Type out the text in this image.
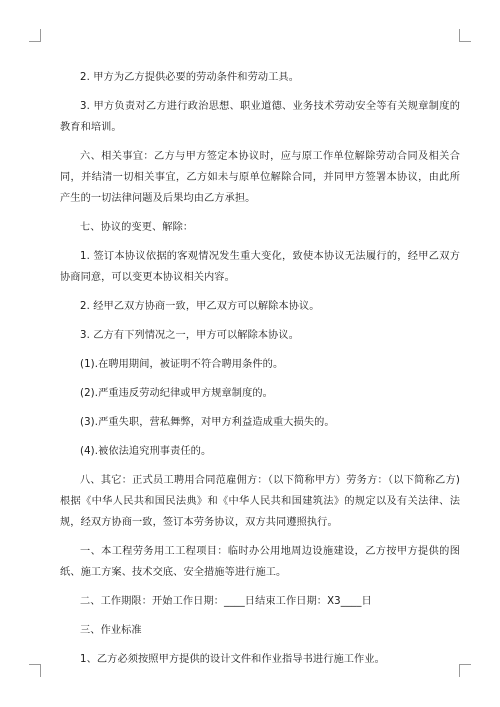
2. 甲方为乙方提供必要的劳动条件和劳动工具。

3. 甲方负责对乙方进行政治思想、职业道德、业务技术劳动安全等有关规章制度的教育和培训。

六、相关事宜：乙方与甲方签定本协议时，应与原工作单位解除劳动合同及相关合同，并结清一切相关事宜，乙方如未与原单位解除合同，并同甲方签署本协议，由此所产生的一切法律问题及后果均由乙方承担。

七、协议的变更、解除：

1. 签订本协议依据的客观情况发生重大变化，致使本协议无法履行的，经甲乙双方协商同意，可以变更本协议相关内容。

2. 经甲乙双方协商一致，甲乙双方可以解除本协议。

3. 乙方有下列情况之一，甲方可以解除本协议。

(1).在聘用期间，被证明不符合聘用条件的。

(2).严重违反劳动纪律或甲方规章制度的。

(3).严重失职，营私舞弊，对甲方利益造成重大损失的。

(4).被依法追究刑事责任的。

八、其它：正式员工聘用合同范雇佣方：（以下简称甲方）劳务方：（以下简称乙方)根据《中华人民共和国民法典》和《中华人民共和国建筑法》的规定以及有关法律、法规，经双方协商一致，签订本劳务协议，双方共同遵照执行。

一、本工程劳务用工工程项目：临时办公用地周边设施建设，乙方按甲方提供的图纸、施工方案、技术交底、安全措施等进行施工。

二、工作期限：开始工作日期：____日结束工作日期：X3____日

三、作业标准

1、乙方必须按照甲方提供的设计文件和作业指导书进行施工作业。
